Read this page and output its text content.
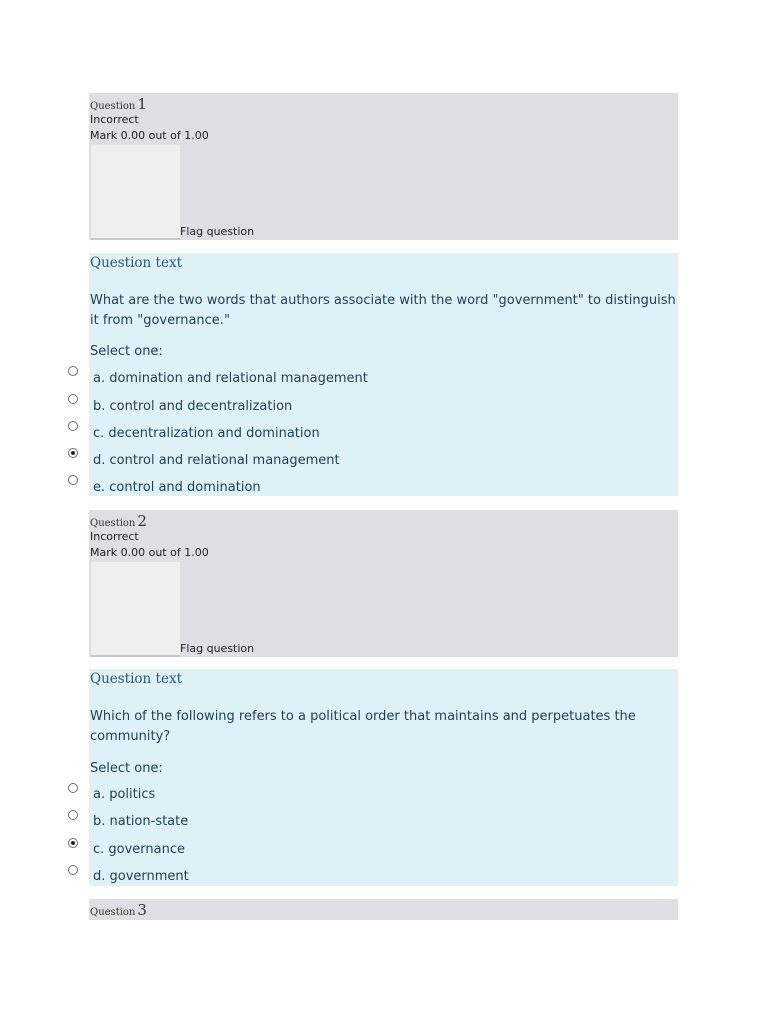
Question 1
Incorrect
Mark 0.00 out of 1.00
Flag question
Question text

What are the two words that authors associate with the word "government" to distinguish it from "governance."

Select one:
a. domination and relational management
b. control and decentralization
c. decentralization and domination
d. control and relational management
e. control and domination
Question 2
Incorrect
Mark 0.00 out of 1.00
Flag question
Question text

Which of the following refers to a political order that maintains and perpetuates the community?

Select one:
a. politics
b. nation-state
c. governance
d. government
Question 3
